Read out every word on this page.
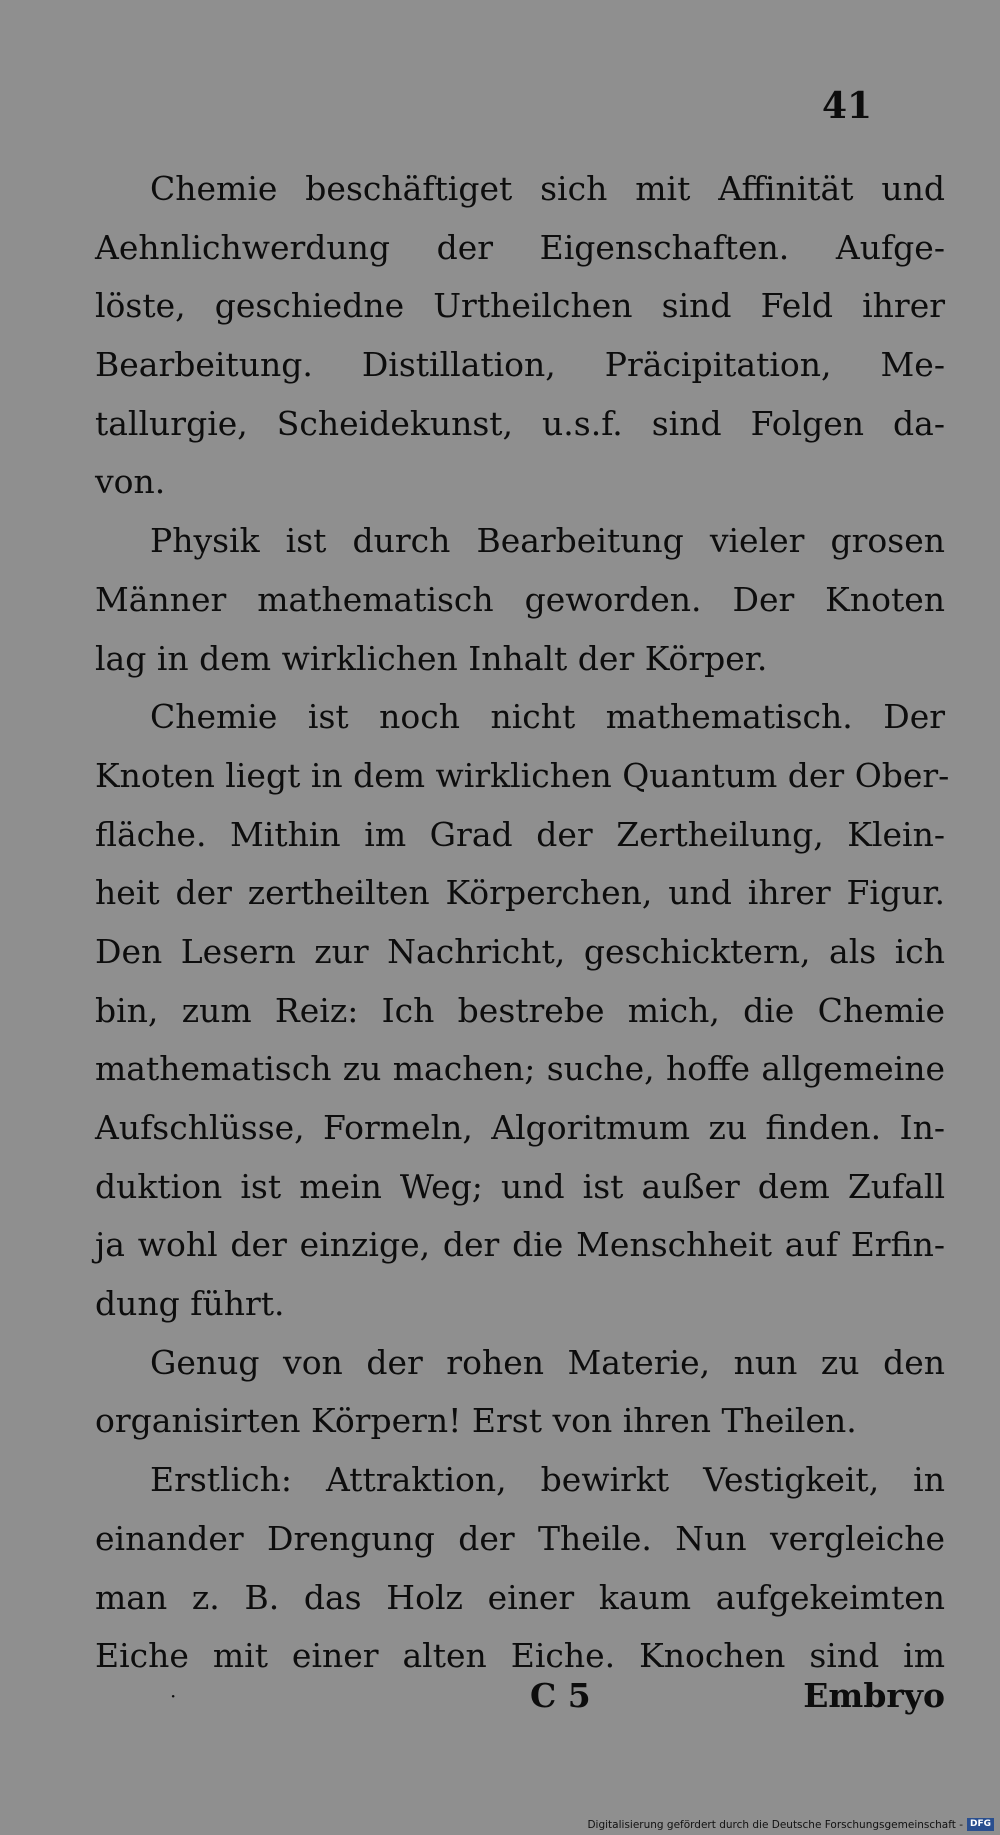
41
Chemie beschäftiget sich mit Affinität und
Aehnlichwerdung der Eigenschaften. Aufge-
löste, geschiedne Urtheilchen sind Feld ihrer
Bearbeitung. Distillation, Präcipitation, Me-
tallurgie, Scheidekunst, u.s.f. sind Folgen da-
von.
Physik ist durch Bearbeitung vieler grosen
Männer mathematisch geworden. Der Knoten
lag in dem wirklichen Inhalt der Körper.
Chemie ist noch nicht mathematisch. Der
Knoten liegt in dem wirklichen Quantum der Ober-
fläche. Mithin im Grad der Zertheilung, Klein-
heit der zertheilten Körperchen, und ihrer Figur.
Den Lesern zur Nachricht, geschicktern, als ich
bin, zum Reiz: Ich bestrebe mich, die Chemie
mathematisch zu machen; suche, hoffe allgemeine
Aufschlüsse, Formeln, Algoritmum zu finden. In-
duktion ist mein Weg; und ist außer dem Zufall
ja wohl der einzige, der die Menschheit auf Erfin-
dung führt.
Genug von der rohen Materie, nun zu den
organisirten Körpern! Erst von ihren Theilen.
Erstlich: Attraktion, bewirkt Vestigkeit, in
einander Drengung der Theile. Nun vergleiche
man z. B. das Holz einer kaum aufgekeimten
Eiche mit einer alten Eiche. Knochen sind im
·	C 5	Embryo
Digitalisierung gefördert durch die Deutsche Forschungsgemeinschaft - DFG
